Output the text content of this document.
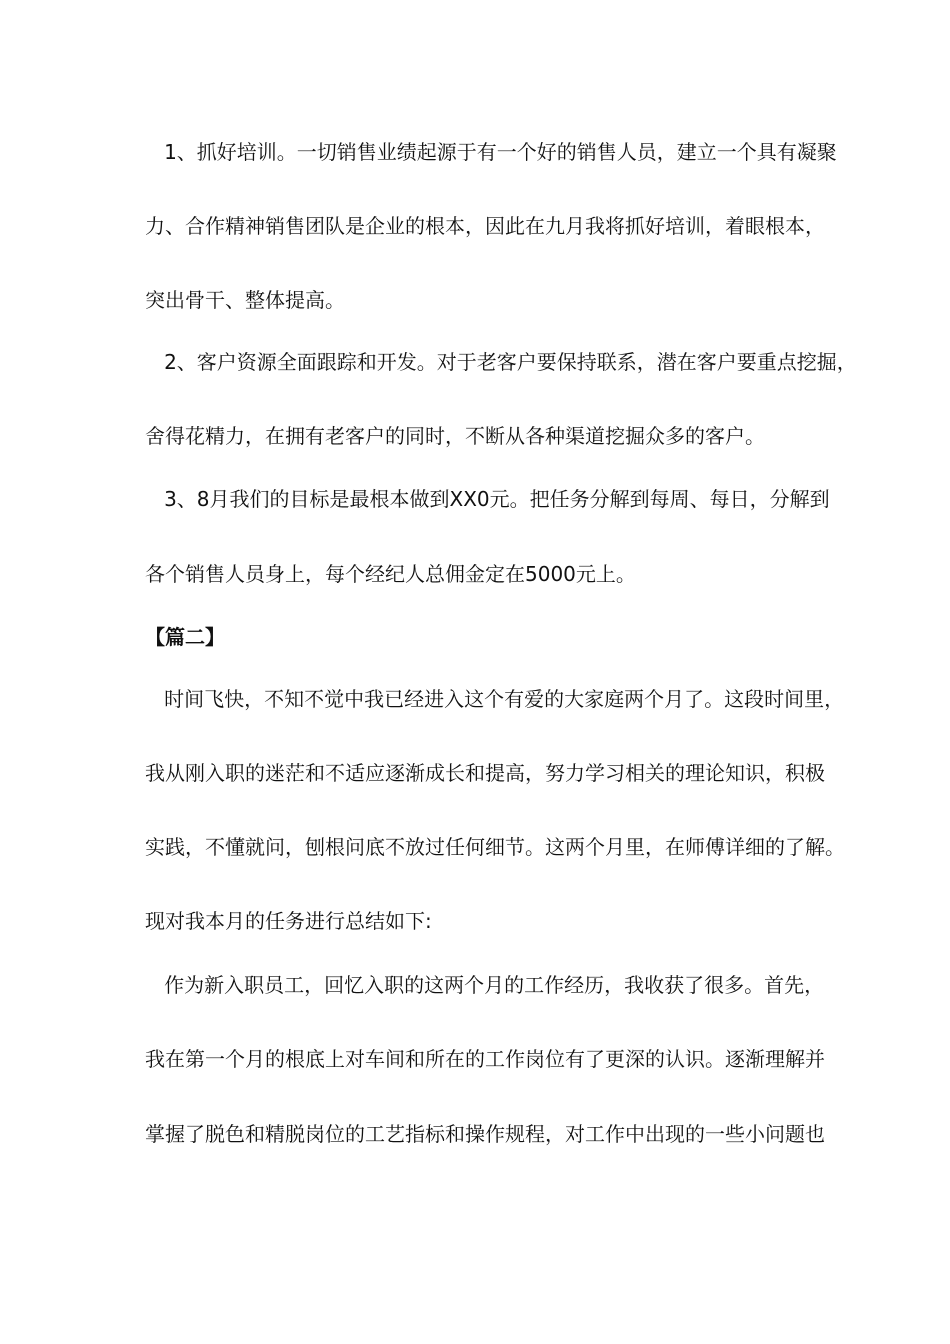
1、抓好培训。一切销售业绩起源于有一个好的销售人员，建立一个具有凝聚
力、合作精神销售团队是企业的根本，因此在九月我将抓好培训，着眼根本，
突出骨干、整体提高。
2、客户资源全面跟踪和开发。对于老客户要保持联系，潜在客户要重点挖掘，
舍得花精力，在拥有老客户的同时，不断从各种渠道挖掘众多的客户。
3、8月我们的目标是最根本做到XX0元。把任务分解到每周、每日，分解到
各个销售人员身上，每个经纪人总佣金定在5000元上。
【篇二】
时间飞快，不知不觉中我已经进入这个有爱的大家庭两个月了。这段时间里，
我从刚入职的迷茫和不适应逐渐成长和提高，努力学习相关的理论知识，积极
实践，不懂就问，刨根问底不放过任何细节。这两个月里，在师傅详细的了解。
现对我本月的任务进行总结如下:
作为新入职员工，回忆入职的这两个月的工作经历，我收获了很多。首先，
我在第一个月的根底上对车间和所在的工作岗位有了更深的认识。逐渐理解并
掌握了脱色和精脱岗位的工艺指标和操作规程，对工作中出现的一些小问题也
